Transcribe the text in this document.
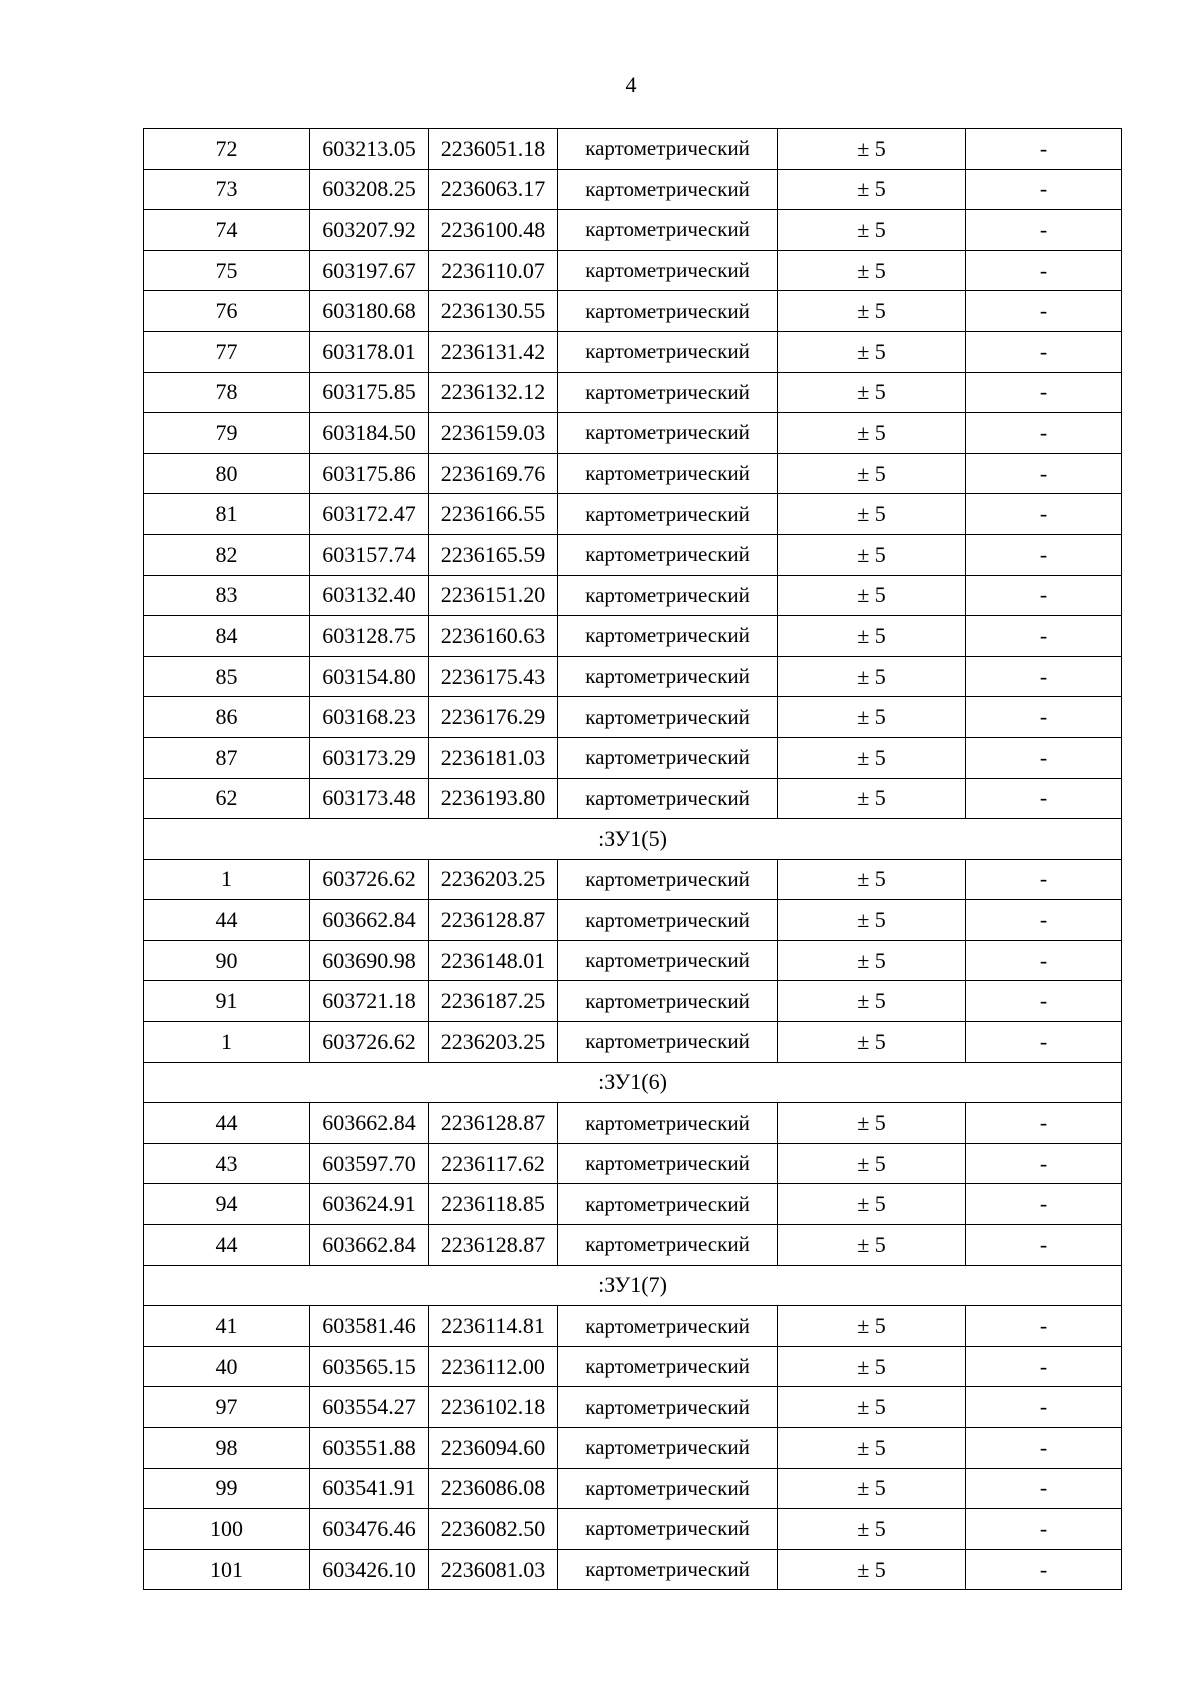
4
72	603213.05	2236051.18	картометрический	± 5	-
73	603208.25	2236063.17	картометрический	± 5	-
74	603207.92	2236100.48	картометрический	± 5	-
75	603197.67	2236110.07	картометрический	± 5	-
76	603180.68	2236130.55	картометрический	± 5	-
77	603178.01	2236131.42	картометрический	± 5	-
78	603175.85	2236132.12	картометрический	± 5	-
79	603184.50	2236159.03	картометрический	± 5	-
80	603175.86	2236169.76	картометрический	± 5	-
81	603172.47	2236166.55	картометрический	± 5	-
82	603157.74	2236165.59	картометрический	± 5	-
83	603132.40	2236151.20	картометрический	± 5	-
84	603128.75	2236160.63	картометрический	± 5	-
85	603154.80	2236175.43	картометрический	± 5	-
86	603168.23	2236176.29	картометрический	± 5	-
87	603173.29	2236181.03	картометрический	± 5	-
62	603173.48	2236193.80	картометрический	± 5	-
:ЗУ1(5)					
1	603726.62	2236203.25	картометрический	± 5	-
44	603662.84	2236128.87	картометрический	± 5	-
90	603690.98	2236148.01	картометрический	± 5	-
91	603721.18	2236187.25	картометрический	± 5	-
1	603726.62	2236203.25	картометрический	± 5	-
:ЗУ1(6)					
44	603662.84	2236128.87	картометрический	± 5	-
43	603597.70	2236117.62	картометрический	± 5	-
94	603624.91	2236118.85	картометрический	± 5	-
44	603662.84	2236128.87	картометрический	± 5	-
:ЗУ1(7)					
41	603581.46	2236114.81	картометрический	± 5	-
40	603565.15	2236112.00	картометрический	± 5	-
97	603554.27	2236102.18	картометрический	± 5	-
98	603551.88	2236094.60	картометрический	± 5	-
99	603541.91	2236086.08	картометрический	± 5	-
100	603476.46	2236082.50	картометрический	± 5	-
101	603426.10	2236081.03	картометрический	± 5	-
